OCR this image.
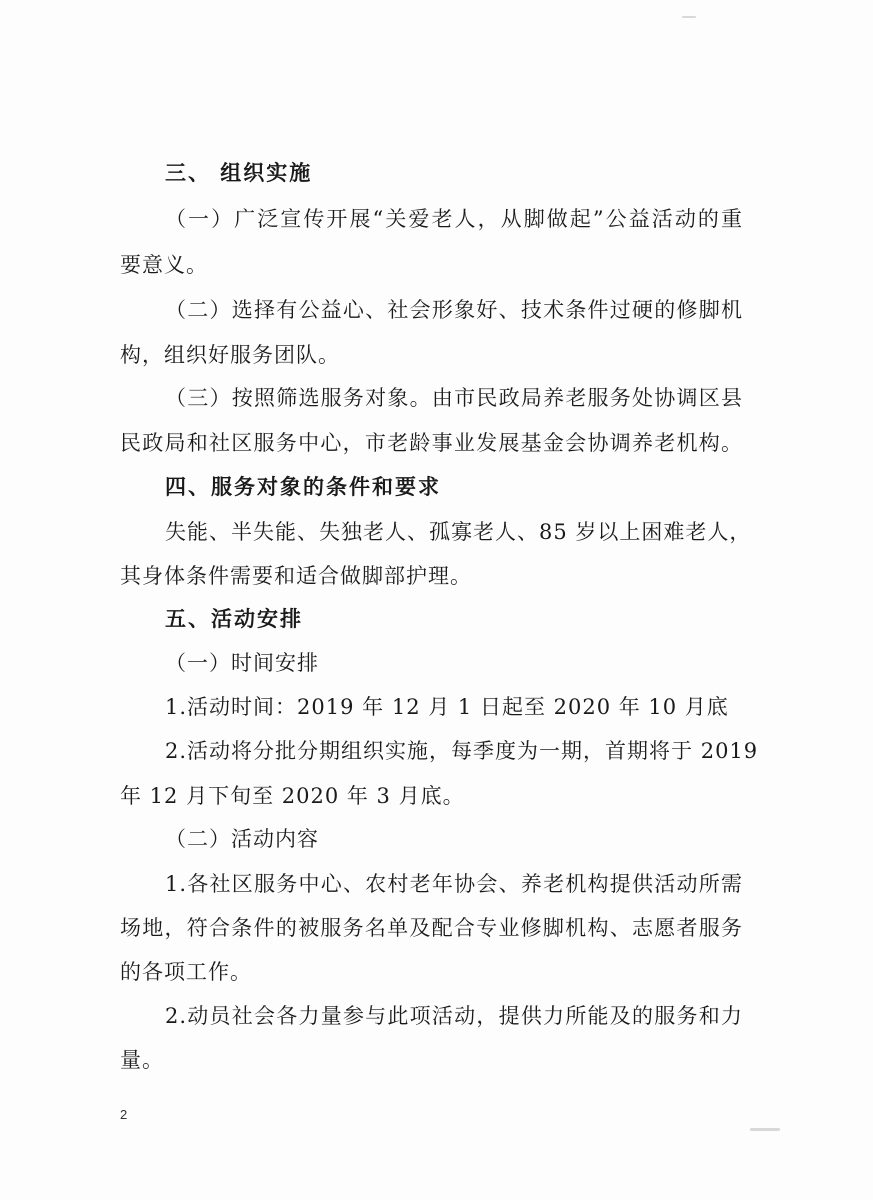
三、 组织实施
（一）广泛宣传开展“关爱老人，从脚做起”公益活动的重
要意义。
（二）选择有公益心、社会形象好、技术条件过硬的修脚机
构，组织好服务团队。
（三）按照筛选服务对象。由市民政局养老服务处协调区县
民政局和社区服务中心，市老龄事业发展基金会协调养老机构。
四、服务对象的条件和要求
失能、半失能、失独老人、孤寡老人、85 岁以上困难老人，
其身体条件需要和适合做脚部护理。
五、活动安排
（一）时间安排
1.活动时间：2019 年 12 月 1 日起至 2020 年 10 月底
2.活动将分批分期组织实施，每季度为一期，首期将于 2019
年 12 月下旬至 2020 年 3 月底。
（二）活动内容
1.各社区服务中心、农村老年协会、养老机构提供活动所需
场地，符合条件的被服务名单及配合专业修脚机构、志愿者服务
的各项工作。
2.动员社会各力量参与此项活动，提供力所能及的服务和力
量。
2
